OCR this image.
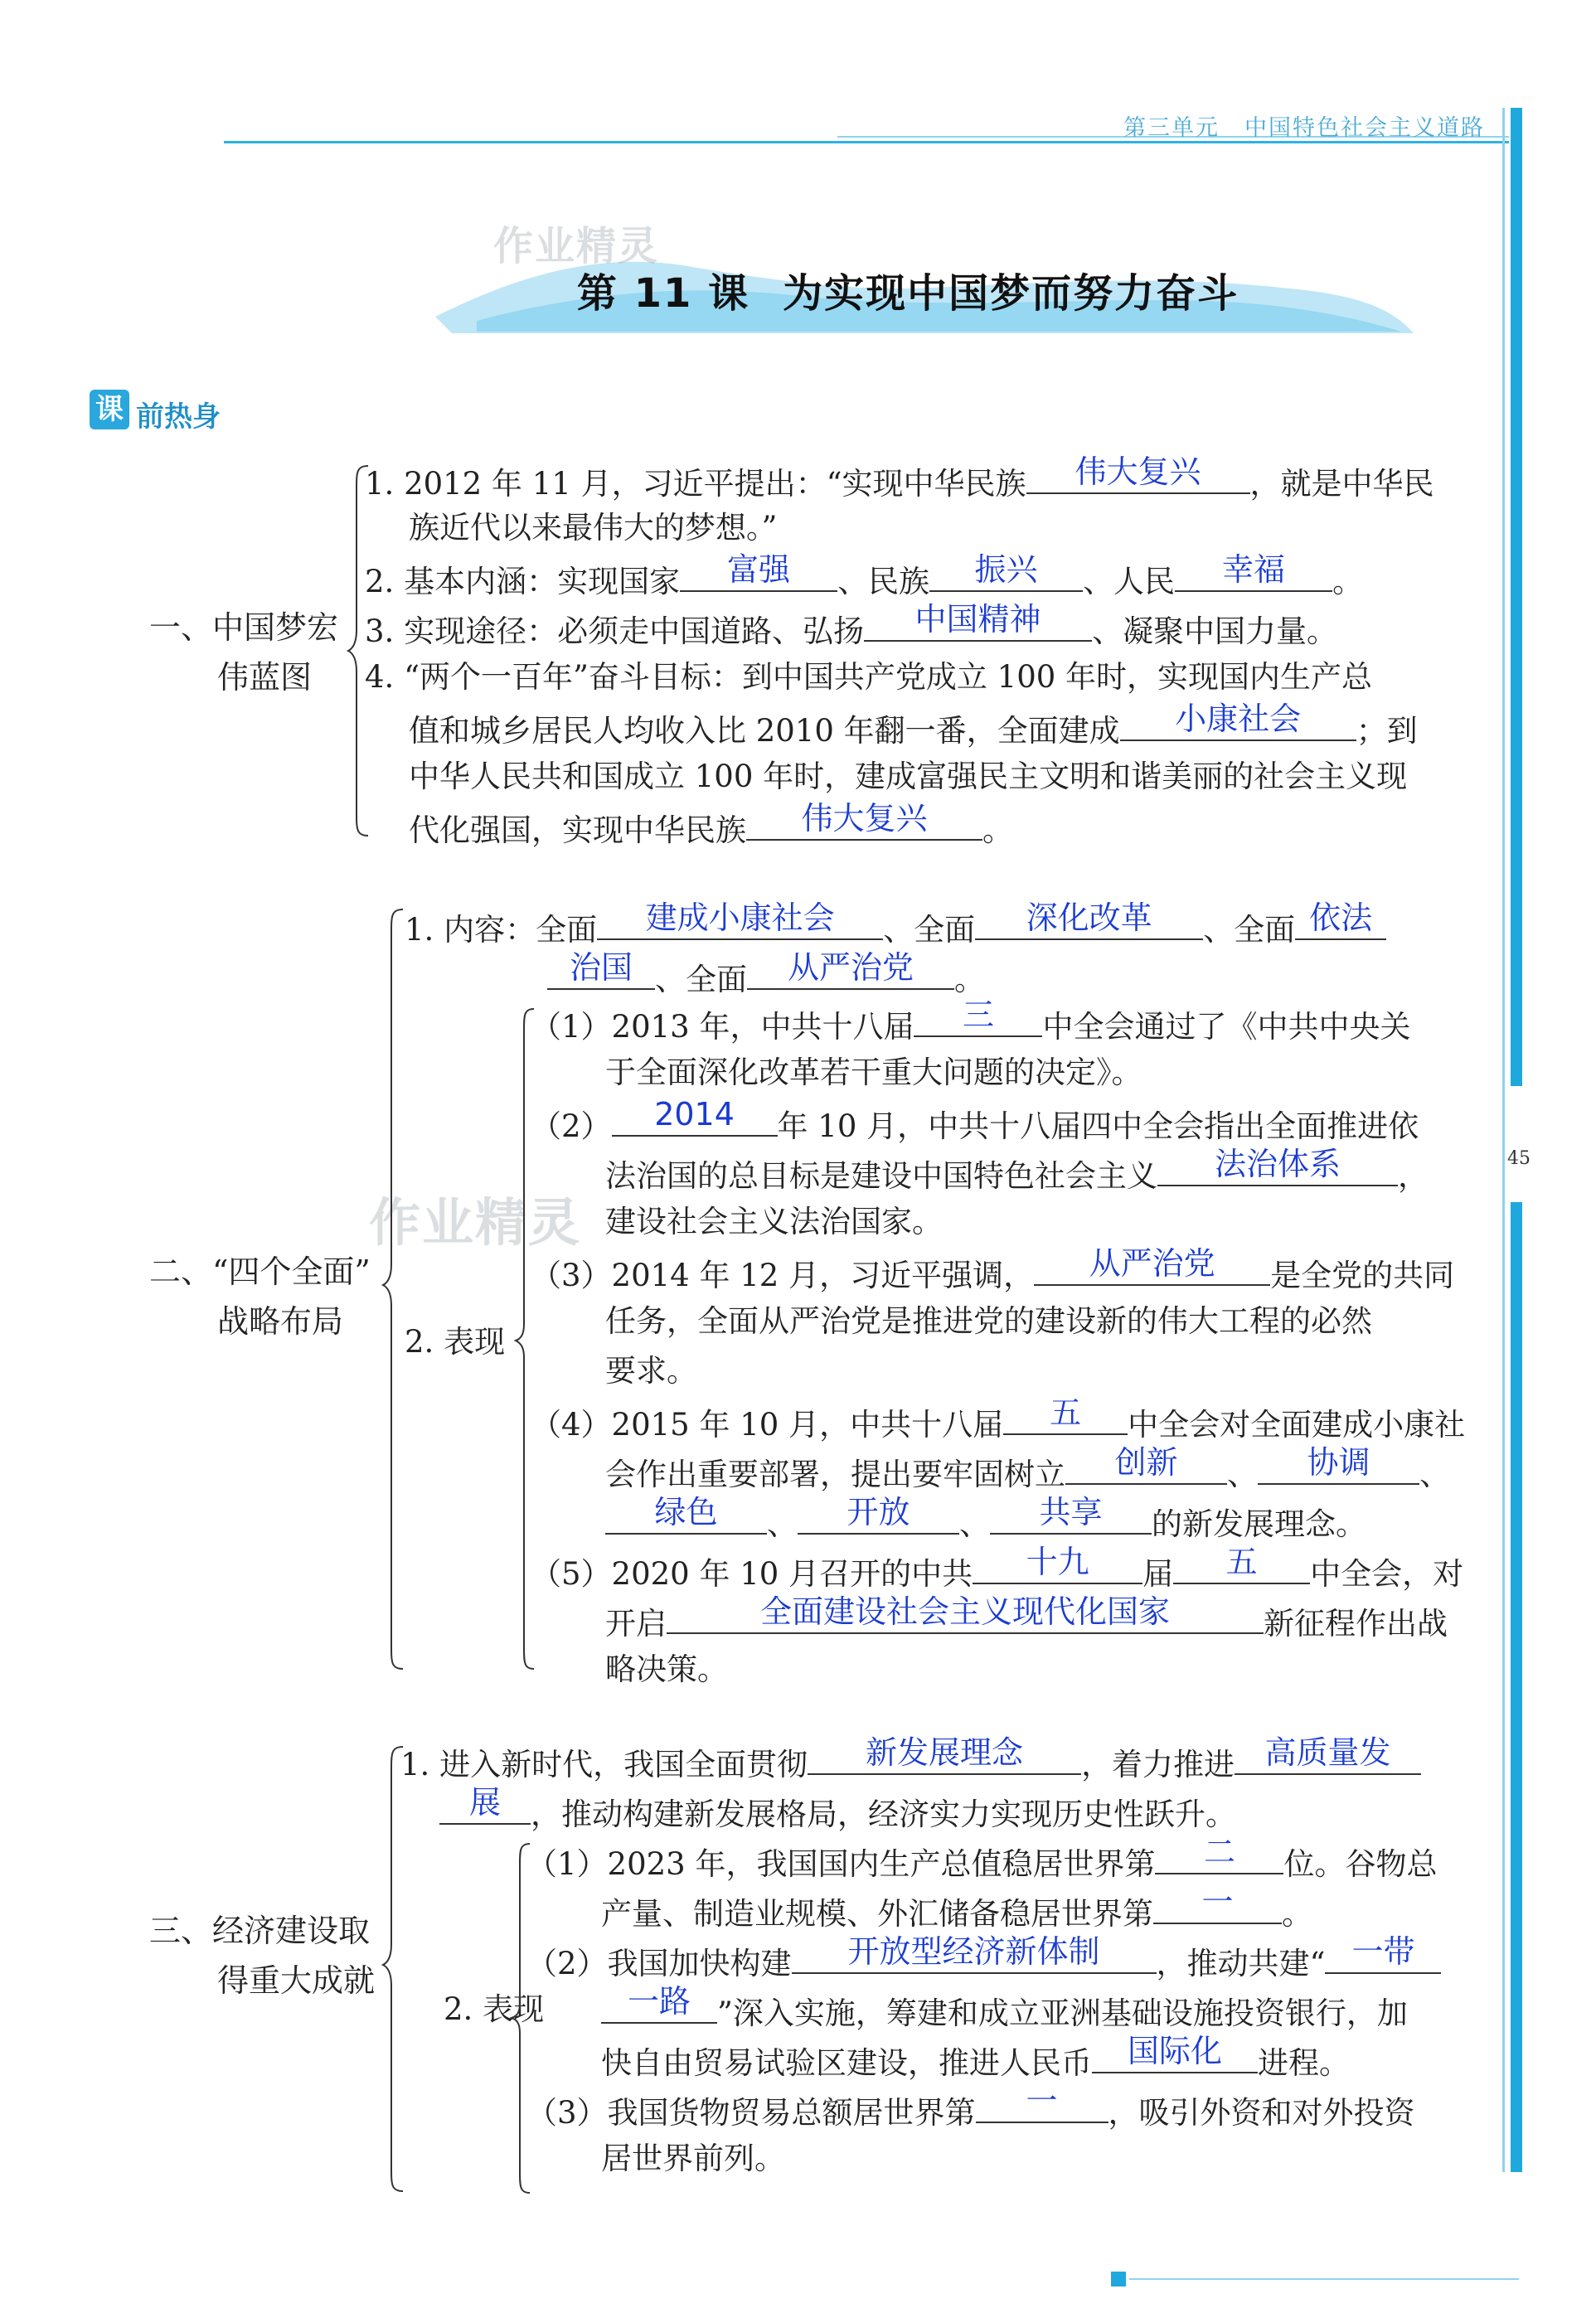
第三单元 中国特色社会主义道路
45
第 11 课 为实现中国梦而努力奋斗
作业精灵
作业精灵
课 前热身
一、中国梦宏
伟蓝图
1. 2012 年 11 月，习近平提出：“实现中华民族	伟大复兴	，就是中华民
族近代以来最伟大的梦想。”
2. 基本内涵：实现国家	富强	、民族	振兴	、人民	幸福	。
3. 实现途径：必须走中国道路、弘扬	中国精神	、凝聚中国力量。
4. “两个一百年”奋斗目标：到中国共产党成立 100 年时，实现国内生产总
值和城乡居民人均收入比 2010 年翻一番，全面建成	小康社会	；到
中华人民共和国成立 100 年时，建成富强民主文明和谐美丽的社会主义现
代化强国，实现中华民族	伟大复兴	。
二、“四个全面”
战略布局
1. 内容：全面	建成小康社会	、全面	深化改革	、全面 依法
治国 、全面	从严治党	。
2. 表现
（1）2013 年，中共十八届	三	中全会通过了《中共中央关
于全面深化改革若干重大问题的决定》。
（2）	2014	年 10 月，中共十八届四中全会指出全面推进依
法治国的总目标是建设中国特色社会主义	法治体系	，
建设社会主义法治国家。
（3）2014 年 12 月，习近平强调，	从严治党	是全党的共同
任务，全面从严治党是推进党的建设新的伟大工程的必然
要求。
（4）2015 年 10 月，中共十八届	五	中全会对全面建成小康社
会作出重要部署，提出要牢固树立	创新	、	协调	、
绿色	、	开放	、	共享	的新发展理念。
（5）2020 年 10 月召开的中共	十九	届	五	中全会，对
开启	全面建设社会主义现代化国家	新征程作出战
略决策。
三、经济建设取
得重大成就
1. 进入新时代，我国全面贯彻	新发展理念	，着力推进 高质量发
展 ，推动构建新发展格局，经济实力实现历史性跃升。
2. 表现
（1）2023 年，我国国内生产总值稳居世界第	二	位。谷物总
产量、制造业规模、外汇储备稳居世界第	一	。
（2）我国加快构建	开放型经济新体制	，推动共建“ 一带
一路 ”深入实施，筹建和成立亚洲基础设施投资银行，加
快自由贸易试验区建设，推进人民币	国际化	进程。
（3）我国货物贸易总额居世界第	一	，吸引外资和对外投资
居世界前列。
